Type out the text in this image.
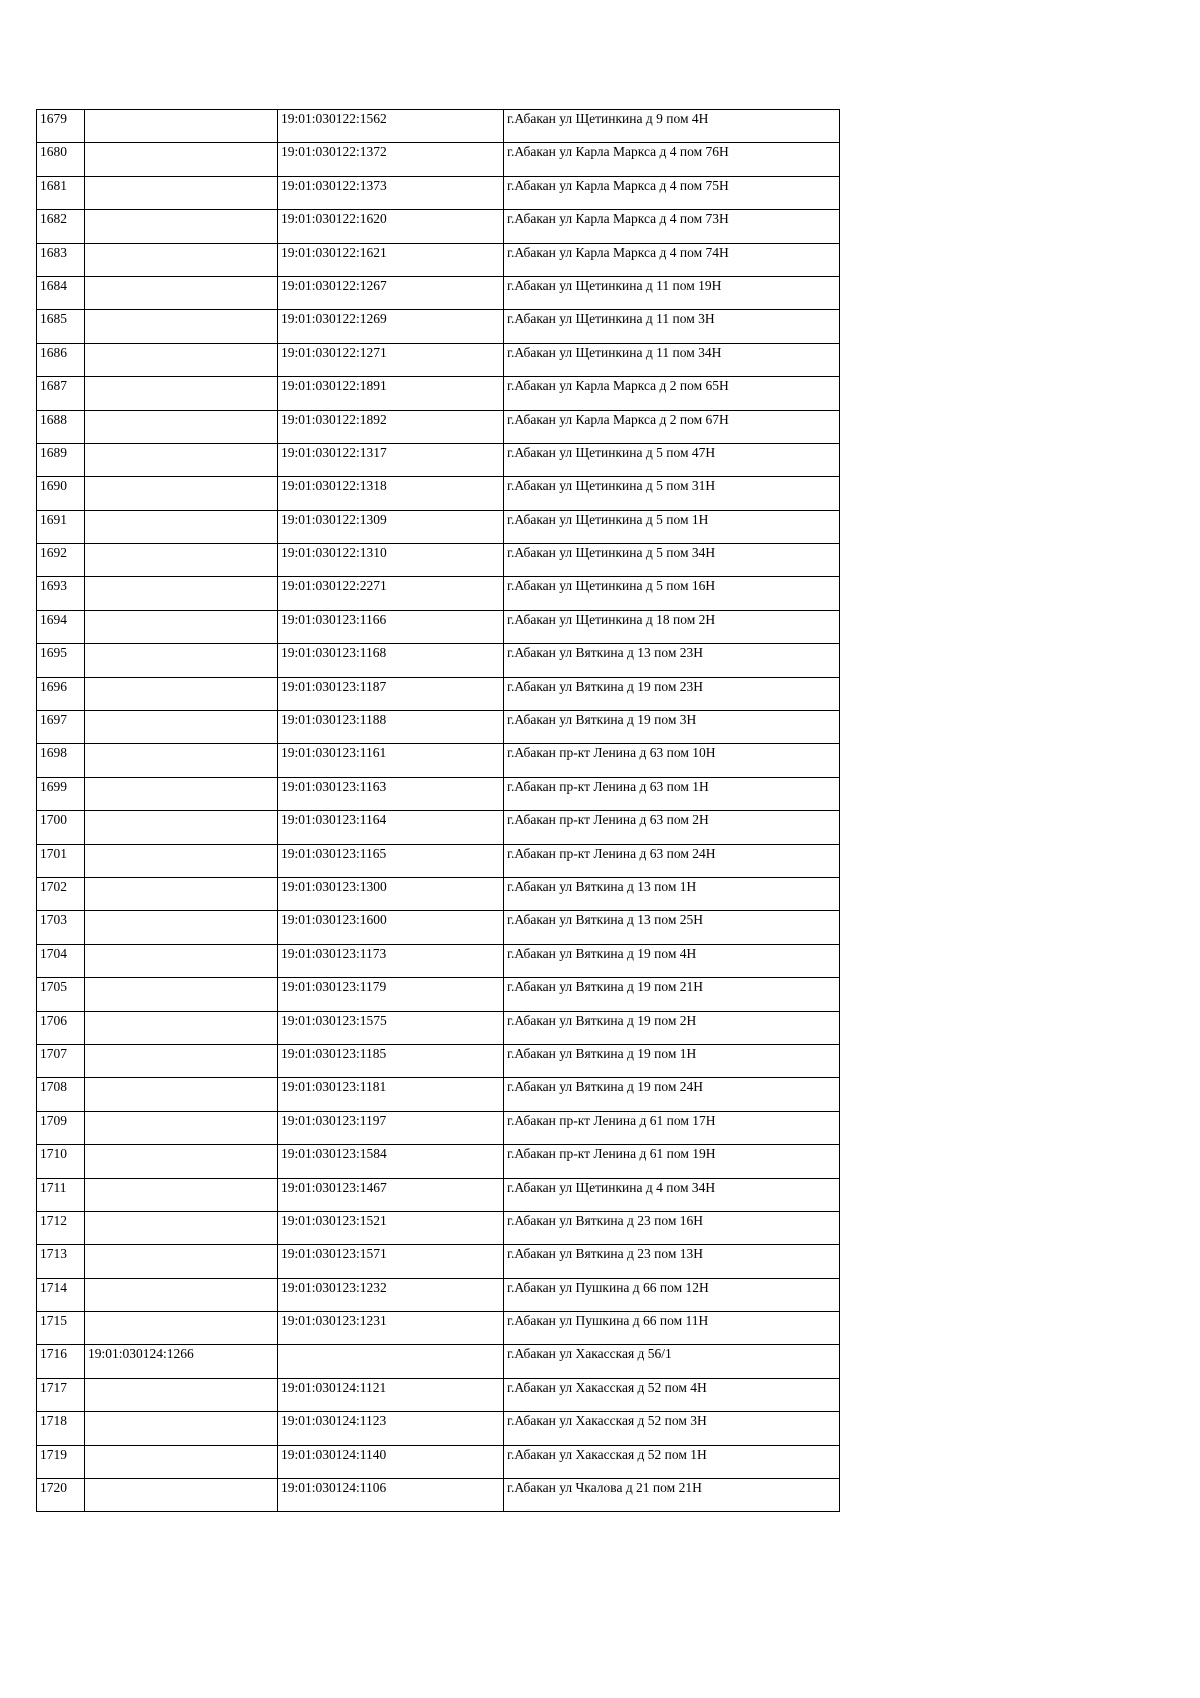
1679		19:01:030122:1562	г.Абакан ул Щетинкина д 9 пом 4Н
1680		19:01:030122:1372	г.Абакан ул Карла Маркса д 4 пом 76Н
1681		19:01:030122:1373	г.Абакан ул Карла Маркса д 4 пом 75Н
1682		19:01:030122:1620	г.Абакан ул Карла Маркса д 4 пом 73Н
1683		19:01:030122:1621	г.Абакан ул Карла Маркса д 4 пом 74Н
1684		19:01:030122:1267	г.Абакан ул Щетинкина д 11 пом 19Н
1685		19:01:030122:1269	г.Абакан ул Щетинкина д 11 пом 3Н
1686		19:01:030122:1271	г.Абакан ул Щетинкина д 11 пом 34Н
1687		19:01:030122:1891	г.Абакан ул Карла Маркса д 2 пом 65Н
1688		19:01:030122:1892	г.Абакан ул Карла Маркса д 2 пом 67Н
1689		19:01:030122:1317	г.Абакан ул Щетинкина д 5 пом 47Н
1690		19:01:030122:1318	г.Абакан ул Щетинкина д 5 пом 31Н
1691		19:01:030122:1309	г.Абакан ул Щетинкина д 5 пом 1Н
1692		19:01:030122:1310	г.Абакан ул Щетинкина д 5 пом 34Н
1693		19:01:030122:2271	г.Абакан ул Щетинкина д 5 пом 16Н
1694		19:01:030123:1166	г.Абакан ул Щетинкина д 18 пом 2Н
1695		19:01:030123:1168	г.Абакан ул Вяткина д 13 пом 23Н
1696		19:01:030123:1187	г.Абакан ул Вяткина д 19 пом 23Н
1697		19:01:030123:1188	г.Абакан ул Вяткина д 19 пом 3Н
1698		19:01:030123:1161	г.Абакан пр-кт Ленина д 63 пом 10Н
1699		19:01:030123:1163	г.Абакан пр-кт Ленина д 63 пом 1Н
1700		19:01:030123:1164	г.Абакан пр-кт Ленина д 63 пом 2Н
1701		19:01:030123:1165	г.Абакан пр-кт Ленина д 63 пом 24Н
1702		19:01:030123:1300	г.Абакан ул Вяткина д 13 пом 1Н
1703		19:01:030123:1600	г.Абакан ул Вяткина д 13 пом 25Н
1704		19:01:030123:1173	г.Абакан ул Вяткина д 19 пом 4Н
1705		19:01:030123:1179	г.Абакан ул Вяткина д 19 пом 21Н
1706		19:01:030123:1575	г.Абакан ул Вяткина д 19 пом 2Н
1707		19:01:030123:1185	г.Абакан ул Вяткина д 19 пом 1Н
1708		19:01:030123:1181	г.Абакан ул Вяткина д 19 пом 24Н
1709		19:01:030123:1197	г.Абакан пр-кт Ленина д 61 пом 17Н
1710		19:01:030123:1584	г.Абакан пр-кт Ленина д 61 пом 19Н
1711		19:01:030123:1467	г.Абакан ул Щетинкина д 4 пом 34Н
1712		19:01:030123:1521	г.Абакан ул Вяткина д 23 пом 16Н
1713		19:01:030123:1571	г.Абакан ул Вяткина д 23 пом 13Н
1714		19:01:030123:1232	г.Абакан ул Пушкина д 66 пом 12Н
1715		19:01:030123:1231	г.Абакан ул Пушкина д 66 пом 11Н
1716	19:01:030124:1266		г.Абакан ул Хакасская д 56/1
1717		19:01:030124:1121	г.Абакан ул Хакасская д 52 пом 4Н
1718		19:01:030124:1123	г.Абакан ул Хакасская д 52 пом 3Н
1719		19:01:030124:1140	г.Абакан ул Хакасская д 52 пом 1Н
1720		19:01:030124:1106	г.Абакан ул Чкалова д 21 пом 21Н
